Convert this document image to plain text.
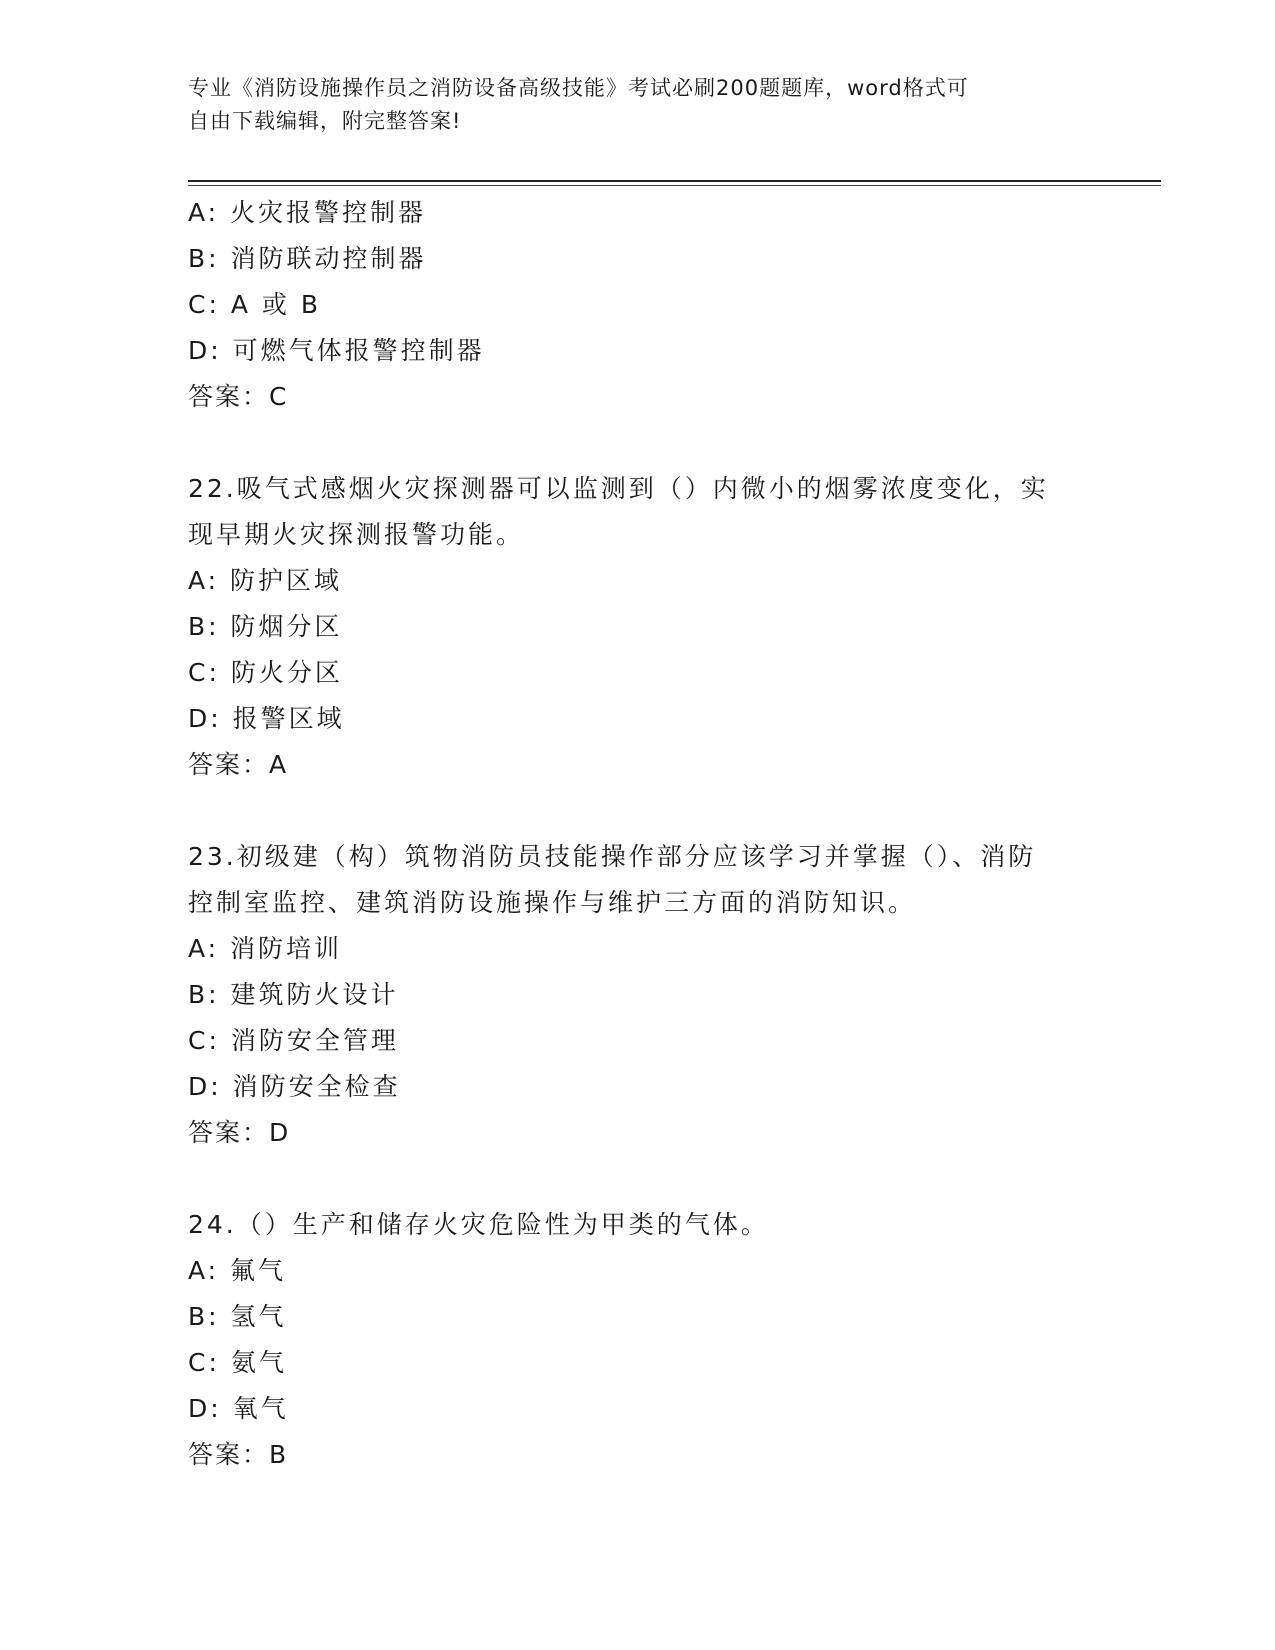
专业《消防设施操作员之消防设备高级技能》考试必刷200题题库，word格式可
自由下载编辑，附完整答案!
A: 火灾报警控制器
B: 消防联动控制器
C: A 或 B
D: 可燃气体报警控制器
答案：C
22.吸气式感烟火灾探测器可以监测到（）内微小的烟雾浓度变化，实
现早期火灾探测报警功能。
A: 防护区域
B: 防烟分区
C: 防火分区
D: 报警区域
答案：A
23.初级建（构）筑物消防员技能操作部分应该学习并掌握（）、消防
控制室监控、建筑消防设施操作与维护三方面的消防知识。
A: 消防培训
B: 建筑防火设计
C: 消防安全管理
D: 消防安全检查
答案：D
24.（）生产和储存火灾危险性为甲类的气体。
A: 氟气
B: 氢气
C: 氨气
D: 氧气
答案：B
